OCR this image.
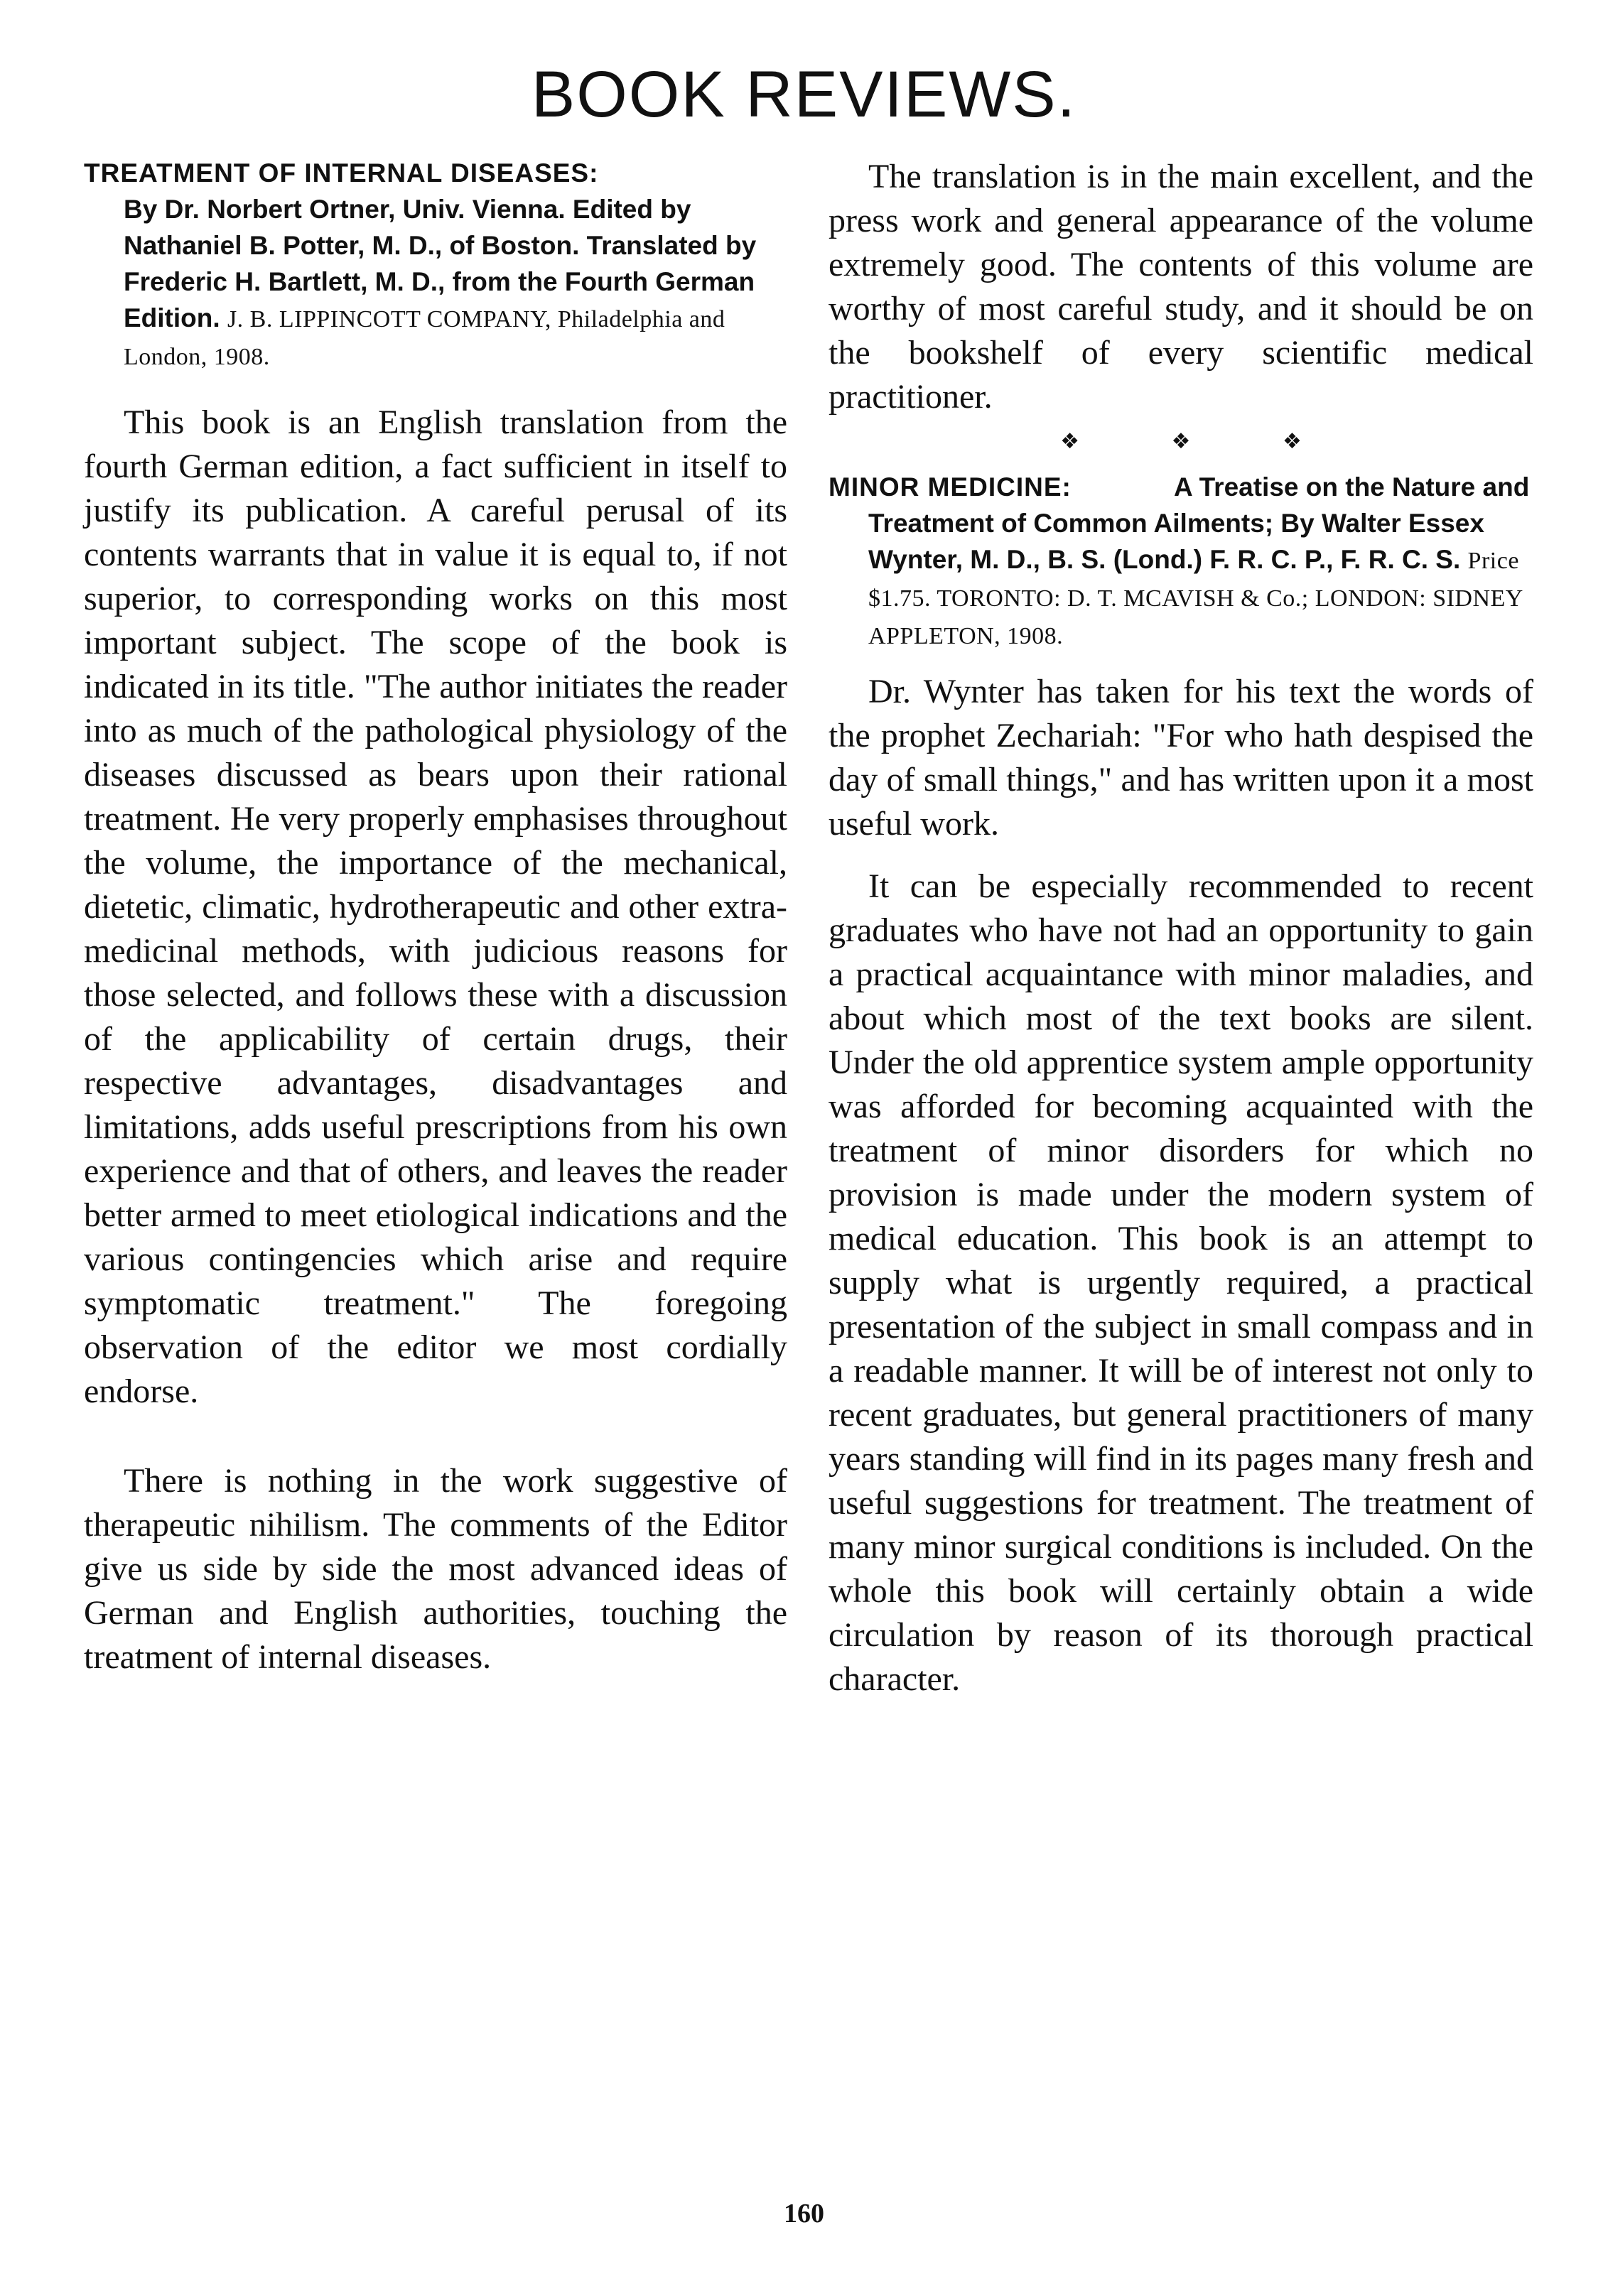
BOOK REVIEWS.
TREATMENT OF INTERNAL DISEASES:
By Dr. Norbert Ortner, Univ. Vienna. Edited by Nathaniel B. Potter, M. D., of Boston. Translated by Frederic H. Bartlett, M. D., from the Fourth German Edition. J. B. LIPPINCOTT COMPANY, Philadelphia and London, 1908.

This book is an English translation from the fourth German edition, a fact sufficient in itself to justify its publication. A careful perusal of its contents warrants that in value it is equal to, if not superior, to corresponding works on this most important subject. The scope of the book is indicated in its title. "The author initiates the reader into as much of the pathological physiology of the diseases discussed as bears upon their rational treatment. He very properly emphasises throughout the volume, the importance of the mechanical, dietetic, climatic, hydrotherapeutic and other extra-medicinal methods, with judicious reasons for those selected, and follows these with a discussion of the applicability of certain drugs, their respective advantages, disadvantages and limitations, adds useful prescriptions from his own experience and that of others, and leaves the reader better armed to meet etiological indications and the various contingencies which arise and require symptomatic treatment." The foregoing observation of the editor we most cordially endorse.

There is nothing in the work suggestive of therapeutic nihilism. The comments of the Editor give us side by side the most advanced ideas of German and English authorities, touching the treatment of internal diseases.

The translation is in the main excellent, and the press work and general appearance of the volume extremely good. The contents of this volume are worthy of most careful study, and it should be on the bookshelf of every scientific medical practitioner.

❖ ❖ ❖
MINOR MEDICINE:	A Treatise on the Nature and Treatment of Common Ailments; By Walter Essex Wynter, M. D., B. S. (Lond.) F. R. C. P., F. R. C. S. Price $1.75. TORONTO: D. T. MCAVISH & Co.; LONDON: SIDNEY APPLETON, 1908.

Dr. Wynter has taken for his text the words of the prophet Zechariah: "For who hath despised the day of small things," and has written upon it a most useful work.

It can be especially recommended to recent graduates who have not had an opportunity to gain a practical acquaintance with minor maladies, and about which most of the text books are silent. Under the old apprentice system ample opportunity was afforded for becoming acquainted with the treatment of minor disorders for which no provision is made under the modern system of medical education. This book is an attempt to supply what is urgently required, a practical presentation of the subject in small compass and in a readable manner. It will be of interest not only to recent graduates, but general practitioners of many years standing will find in its pages many fresh and useful suggestions for treatment. The treatment of many minor surgical conditions is included. On the whole this book will certainly obtain a wide circulation by reason of its thorough practical character.

160
